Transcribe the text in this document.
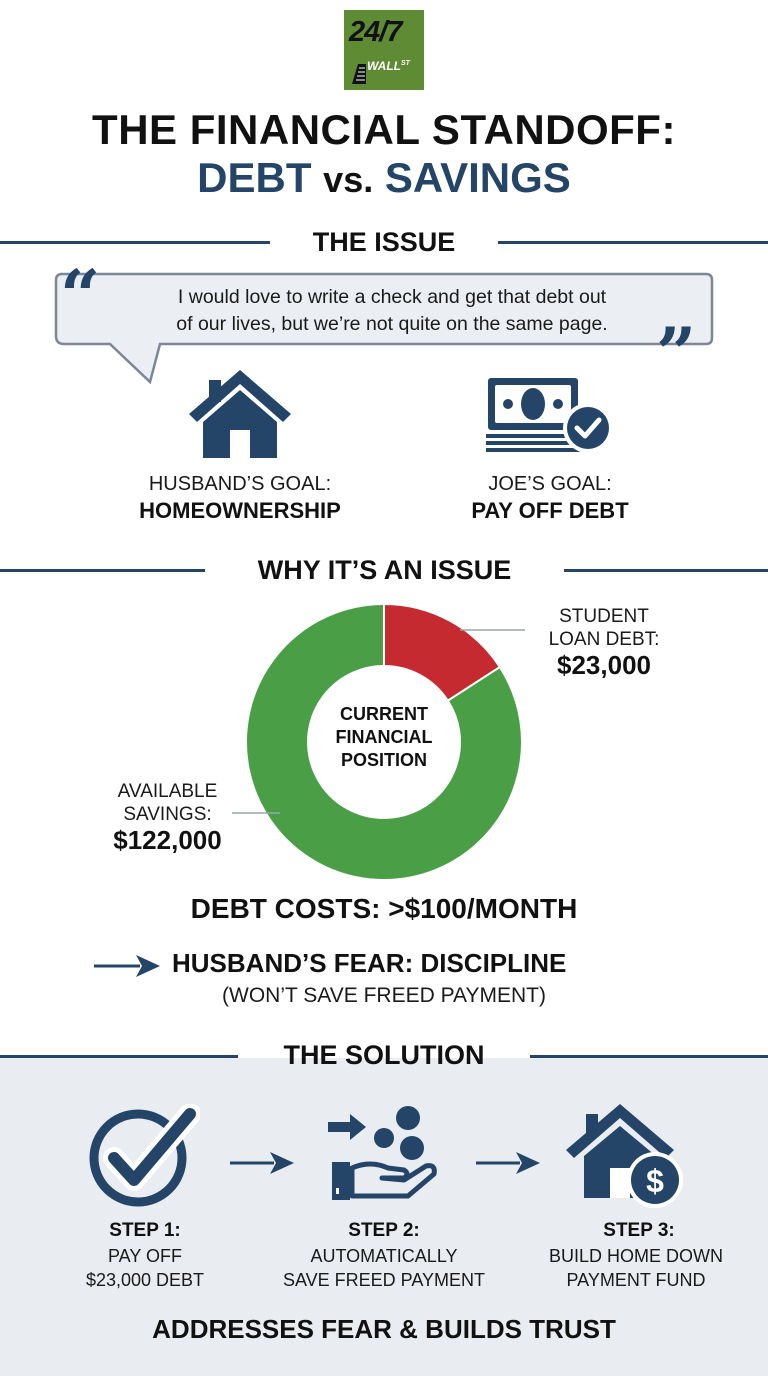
24/7
$WALL^{ST}$
THE FINANCIAL STANDOFF:
DEBT vs. SAVINGS
THE ISSUE
“
”
I would love to write a check and get that debt out
of our lives, but we’re not quite on the same page.
HUSBAND’S GOAL:
HOMEOWNERSHIP
JOE’S GOAL:
PAY OFF DEBT
WHY IT’S AN ISSUE
CURRENT
FINANCIAL
POSITION
STUDENT
LOAN DEBT:
$23,000
AVAILABLE
SAVINGS:
$122,000
DEBT COSTS: >$100/MONTH
HUSBAND’S FEAR: DISCIPLINE
(WON’T SAVE FREED PAYMENT)
THE SOLUTION
$
STEP 1:
PAY OFF
$23,000 DEBT
STEP 2:
AUTOMATICALLY
SAVE FREED PAYMENT
STEP 3:
BUILD HOME DOWN
PAYMENT FUND
ADDRESSES FEAR & BUILDS TRUST
